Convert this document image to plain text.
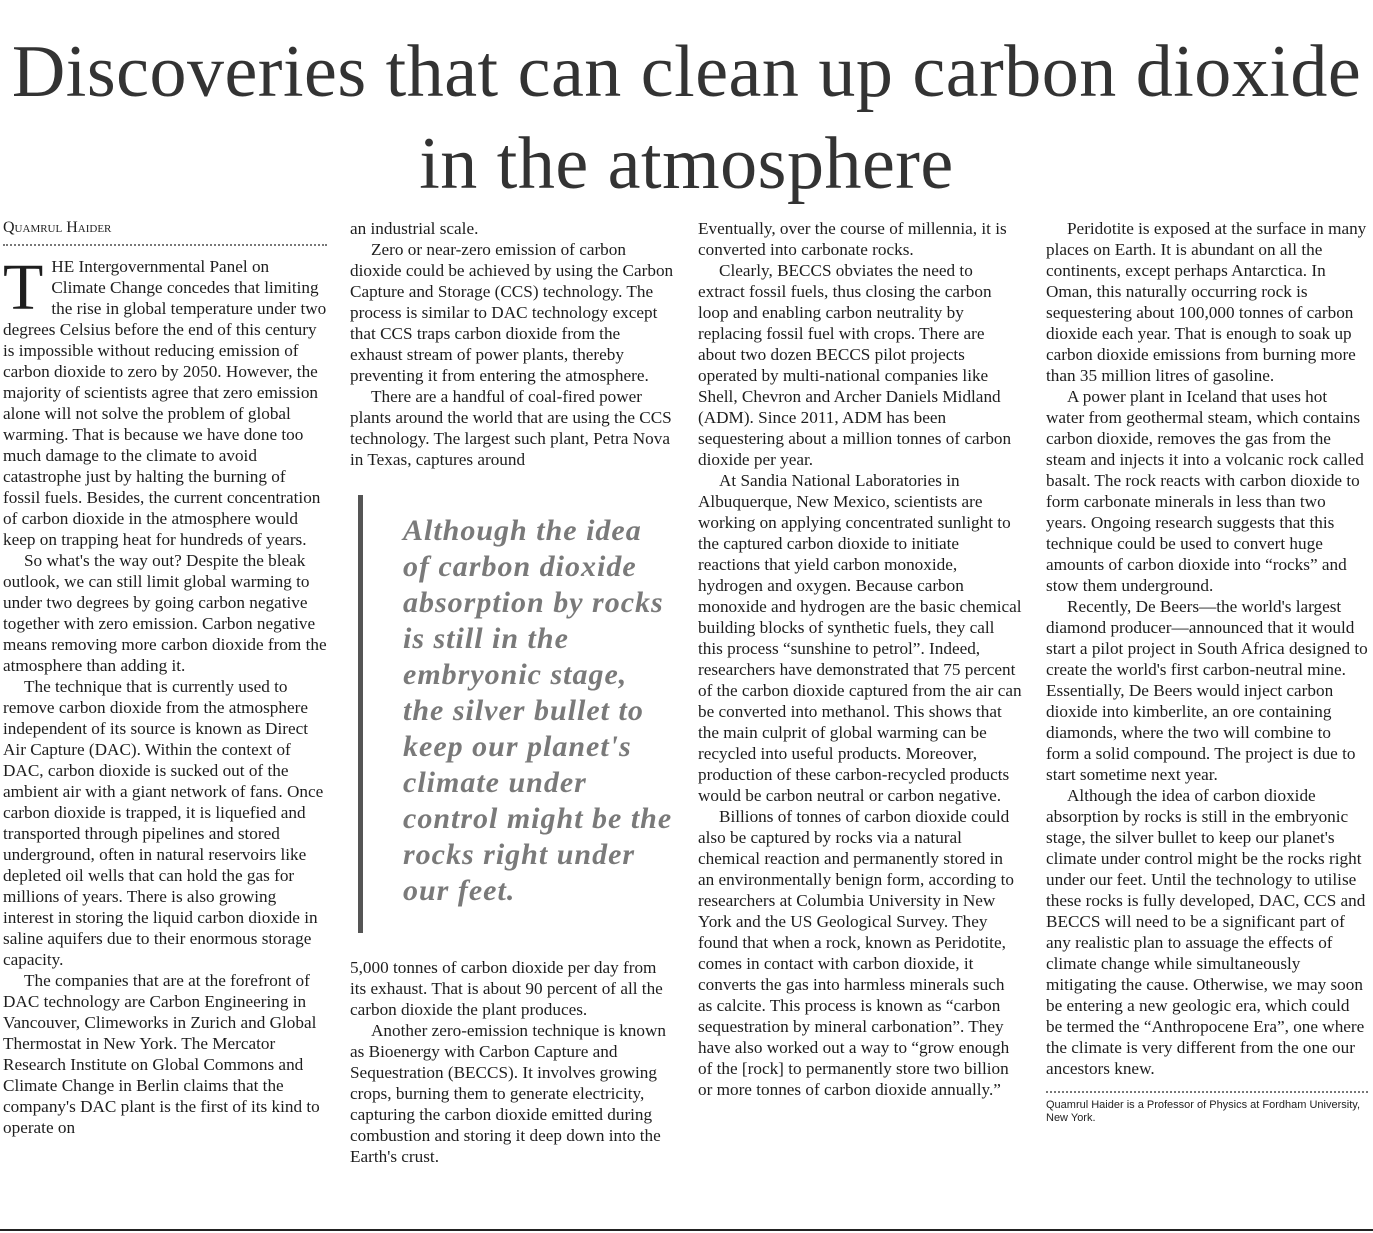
Discoveries that can clean up carbon dioxide in the atmosphere
Quamrul Haider

THE Intergovernmental Panel on Climate Change concedes that limiting the rise in global temperature under two degrees Celsius before the end of this century is impossible without reducing emission of carbon dioxide to zero by 2050. However, the majority of scientists agree that zero emission alone will not solve the problem of global warming. That is because we have done too much damage to the climate to avoid catastrophe just by halting the burning of fossil fuels. Besides, the current concentration of carbon dioxide in the atmosphere would keep on trapping heat for hundreds of years.

So what's the way out? Despite the bleak outlook, we can still limit global warming to under two degrees by going carbon negative together with zero emission. Carbon negative means removing more carbon dioxide from the atmosphere than adding it.

The technique that is currently used to remove carbon dioxide from the atmosphere independent of its source is known as Direct Air Capture (DAC). Within the context of DAC, carbon dioxide is sucked out of the ambient air with a giant network of fans. Once carbon dioxide is trapped, it is liquefied and transported through pipelines and stored underground, often in natural reservoirs like depleted oil wells that can hold the gas for millions of years. There is also growing interest in storing the liquid carbon dioxide in saline aquifers due to their enormous storage capacity.

The companies that are at the forefront of DAC technology are Carbon Engineering in Vancouver, Climeworks in Zurich and Global Thermostat in New York. The Mercator Research Institute on Global Commons and Climate Change in Berlin claims that the company's DAC plant is the first of its kind to operate on

an industrial scale.

Zero or near-zero emission of carbon dioxide could be achieved by using the Carbon Capture and Storage (CCS) technology. The process is similar to DAC technology except that CCS traps carbon dioxide from the exhaust stream of power plants, thereby preventing it from entering the atmosphere.

There are a handful of coal-fired power plants around the world that are using the CCS technology. The largest such plant, Petra Nova in Texas, captures around

Although the idea of carbon dioxide absorption by rocks is still in the embryonic stage, the silver bullet to keep our planet's climate under control might be the rocks right under our feet.

5,000 tonnes of carbon dioxide per day from its exhaust. That is about 90 percent of all the carbon dioxide the plant produces.

Another zero-emission technique is known as Bioenergy with Carbon Capture and Sequestration (BECCS). It involves growing crops, burning them to generate electricity, capturing the carbon dioxide emitted during combustion and storing it deep down into the Earth's crust.

Eventually, over the course of millennia, it is converted into carbonate rocks.

Clearly, BECCS obviates the need to extract fossil fuels, thus closing the carbon loop and enabling carbon neutrality by replacing fossil fuel with crops. There are about two dozen BECCS pilot projects operated by multi-national companies like Shell, Chevron and Archer Daniels Midland (ADM). Since 2011, ADM has been sequestering about a million tonnes of carbon dioxide per year.

At Sandia National Laboratories in Albuquerque, New Mexico, scientists are working on applying concentrated sunlight to the captured carbon dioxide to initiate reactions that yield carbon monoxide, hydrogen and oxygen. Because carbon monoxide and hydrogen are the basic chemical building blocks of synthetic fuels, they call this process “sunshine to petrol”. Indeed, researchers have demonstrated that 75 percent of the carbon dioxide captured from the air can be converted into methanol. This shows that the main culprit of global warming can be recycled into useful products. Moreover, production of these carbon-recycled products would be carbon neutral or carbon negative.

Billions of tonnes of carbon dioxide could also be captured by rocks via a natural chemical reaction and permanently stored in an environmentally benign form, according to researchers at Columbia University in New York and the US Geological Survey. They found that when a rock, known as Peridotite, comes in contact with carbon dioxide, it converts the gas into harmless minerals such as calcite. This process is known as “carbon sequestration by mineral carbonation”. They have also worked out a way to “grow enough of the [rock] to permanently store two billion or more tonnes of carbon dioxide annually.”

Peridotite is exposed at the surface in many places on Earth. It is abundant on all the continents, except perhaps Antarctica. In Oman, this naturally occurring rock is sequestering about 100,000 tonnes of carbon dioxide each year. That is enough to soak up carbon dioxide emissions from burning more than 35 million litres of gasoline.

A power plant in Iceland that uses hot water from geothermal steam, which contains carbon dioxide, removes the gas from the steam and injects it into a volcanic rock called basalt. The rock reacts with carbon dioxide to form carbonate minerals in less than two years. Ongoing research suggests that this technique could be used to convert huge amounts of carbon dioxide into “rocks” and stow them underground.

Recently, De Beers—the world's largest diamond producer—announced that it would start a pilot project in South Africa designed to create the world's first carbon-neutral mine. Essentially, De Beers would inject carbon dioxide into kimberlite, an ore containing diamonds, where the two will combine to form a solid compound. The project is due to start sometime next year.

Although the idea of carbon dioxide absorption by rocks is still in the embryonic stage, the silver bullet to keep our planet's climate under control might be the rocks right under our feet. Until the technology to utilise these rocks is fully developed, DAC, CCS and BECCS will need to be a significant part of any realistic plan to assuage the effects of climate change while simultaneously mitigating the cause. Otherwise, we may soon be entering a new geologic era, which could be termed the “Anthropocene Era”, one where the climate is very different from the one our ancestors knew.

Quamrul Haider is a Professor of Physics at Fordham University, New York.
